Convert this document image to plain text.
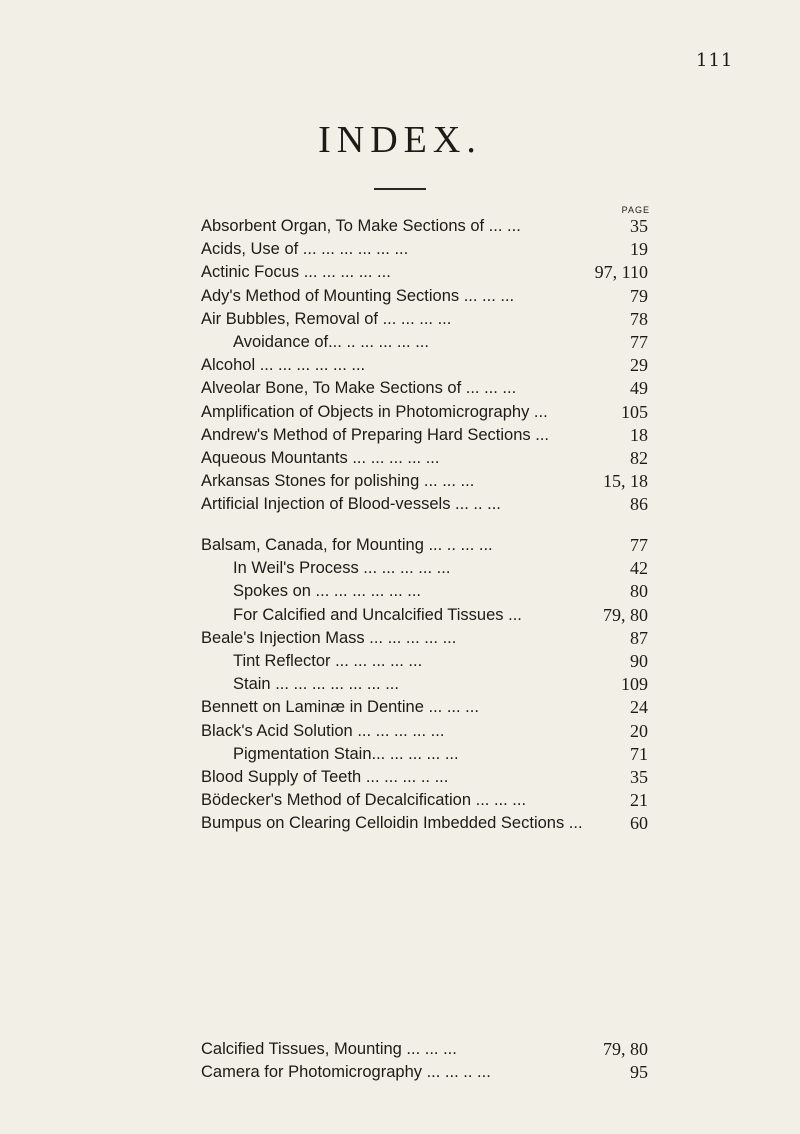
111
INDEX.
PAGE
Absorbent Organ, To Make Sections of ... ...	35
Acids, Use of ... ... ... ... ... ...	19
Actinic Focus ... ... ... ... ...	97, 110
Ady's Method of Mounting Sections ... ... ...	79
Air Bubbles, Removal of ... ... ... ...	78
Avoidance of... .. ... ... ... ...	77
Alcohol ... ... ... ... ... ...	29
Alveolar Bone, To Make Sections of ... ... ...	49
Amplification of Objects in Photomicrography ...	105
Andrew's Method of Preparing Hard Sections ...	18
Aqueous Mountants ... ... ... ... ...	82
Arkansas Stones for polishing ... ... ...	15, 18
Artificial Injection of Blood-vessels ... .. ...	86
Balsam, Canada, for Mounting ... .. ... ...	77
In Weil's Process ... ... ... ... ...	42
Spokes on ... ... ... ... ... ...	80
For Calcified and Uncalcified Tissues ...	79, 80
Beale's Injection Mass ... ... ... ... ...	87
Tint Reflector ... ... ... ... ...	90
Stain ... ... ... ... ... ... ...	109
Bennett on Laminæ in Dentine ... ... ...	24
Black's Acid Solution ... ... ... ... ...	20
Pigmentation Stain... ... ... ... ...	71
Blood Supply of Teeth ... ... ... .. ...	35
Bödecker's Method of Decalcification ... ... ...	21
Bumpus on Clearing Celloidin Imbedded Sections ...	60
Calcified Tissues, Mounting ... ... ...	79, 80
Camera for Photomicrography ... ... .. ...	95
